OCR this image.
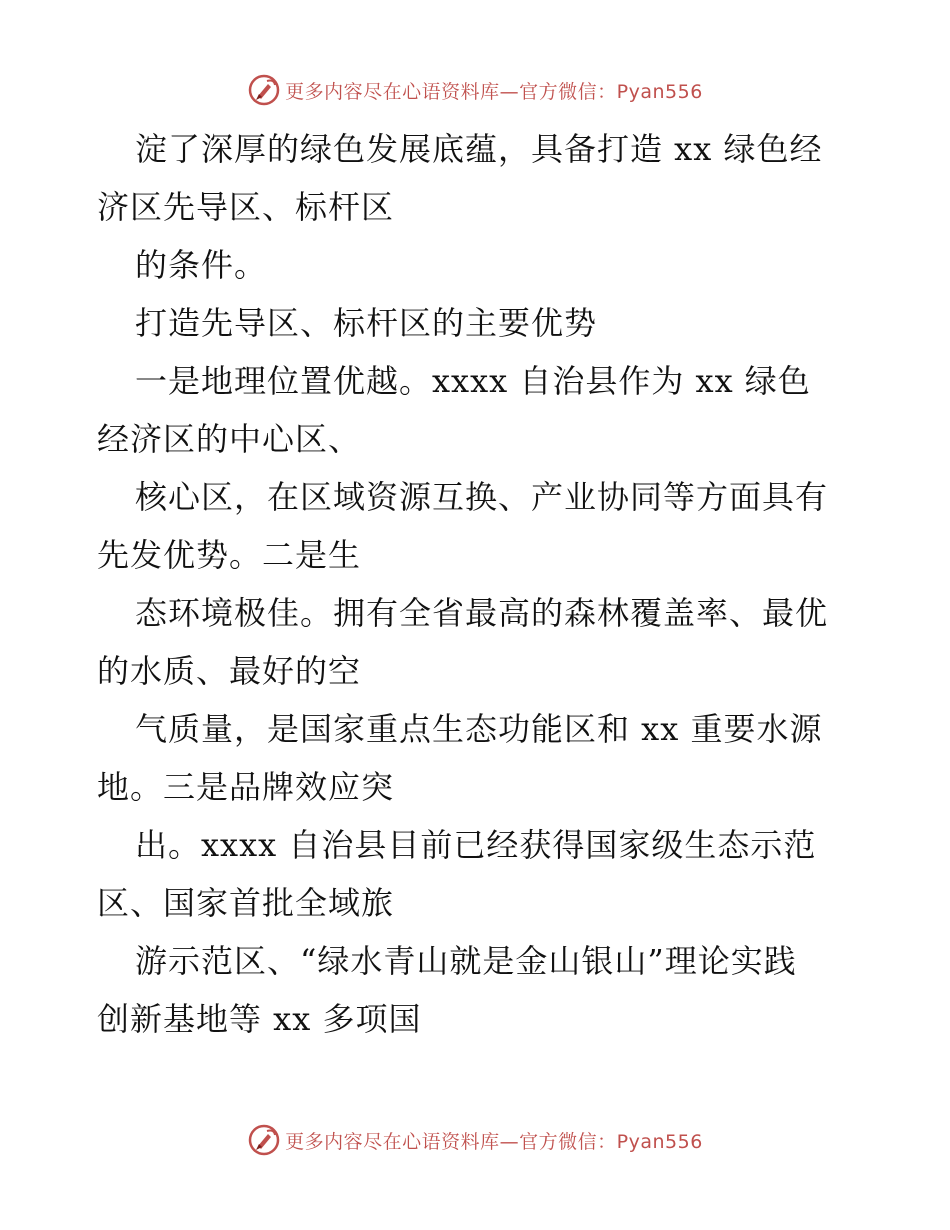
更多内容尽在心语资料库—官方微信：Pyan556
淀了深厚的绿色发展底蕴，具备打造 xx 绿色经
济区先导区、标杆区
的条件。
打造先导区、标杆区的主要优势
一是地理位置优越。xxxx 自治县作为 xx 绿色
经济区的中心区、
核心区，在区域资源互换、产业协同等方面具有
先发优势。二是生
态环境极佳。拥有全省最高的森林覆盖率、最优
的水质、最好的空
气质量，是国家重点生态功能区和 xx 重要水源
地。三是品牌效应突
出。xxxx 自治县目前已经获得国家级生态示范
区、国家首批全域旅
游示范区、“绿水青山就是金山银山”理论实践
创新基地等 xx 多项国
更多内容尽在心语资料库—官方微信：Pyan556
